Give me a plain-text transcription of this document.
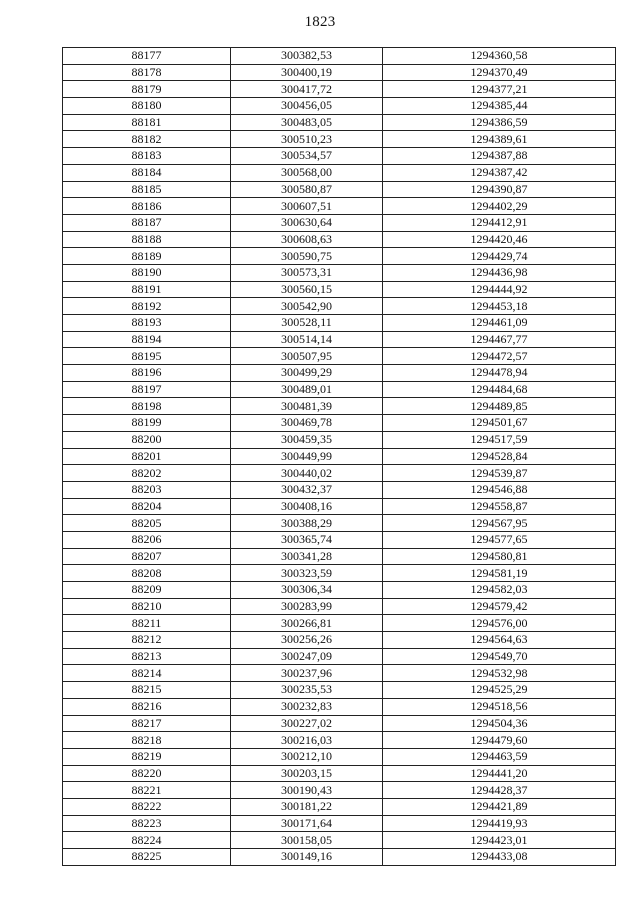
1823
88177	300382,53	1294360,58
88178	300400,19	1294370,49
88179	300417,72	1294377,21
88180	300456,05	1294385,44
88181	300483,05	1294386,59
88182	300510,23	1294389,61
88183	300534,57	1294387,88
88184	300568,00	1294387,42
88185	300580,87	1294390,87
88186	300607,51	1294402,29
88187	300630,64	1294412,91
88188	300608,63	1294420,46
88189	300590,75	1294429,74
88190	300573,31	1294436,98
88191	300560,15	1294444,92
88192	300542,90	1294453,18
88193	300528,11	1294461,09
88194	300514,14	1294467,77
88195	300507,95	1294472,57
88196	300499,29	1294478,94
88197	300489,01	1294484,68
88198	300481,39	1294489,85
88199	300469,78	1294501,67
88200	300459,35	1294517,59
88201	300449,99	1294528,84
88202	300440,02	1294539,87
88203	300432,37	1294546,88
88204	300408,16	1294558,87
88205	300388,29	1294567,95
88206	300365,74	1294577,65
88207	300341,28	1294580,81
88208	300323,59	1294581,19
88209	300306,34	1294582,03
88210	300283,99	1294579,42
88211	300266,81	1294576,00
88212	300256,26	1294564,63
88213	300247,09	1294549,70
88214	300237,96	1294532,98
88215	300235,53	1294525,29
88216	300232,83	1294518,56
88217	300227,02	1294504,36
88218	300216,03	1294479,60
88219	300212,10	1294463,59
88220	300203,15	1294441,20
88221	300190,43	1294428,37
88222	300181,22	1294421,89
88223	300171,64	1294419,93
88224	300158,05	1294423,01
88225	300149,16	1294433,08
